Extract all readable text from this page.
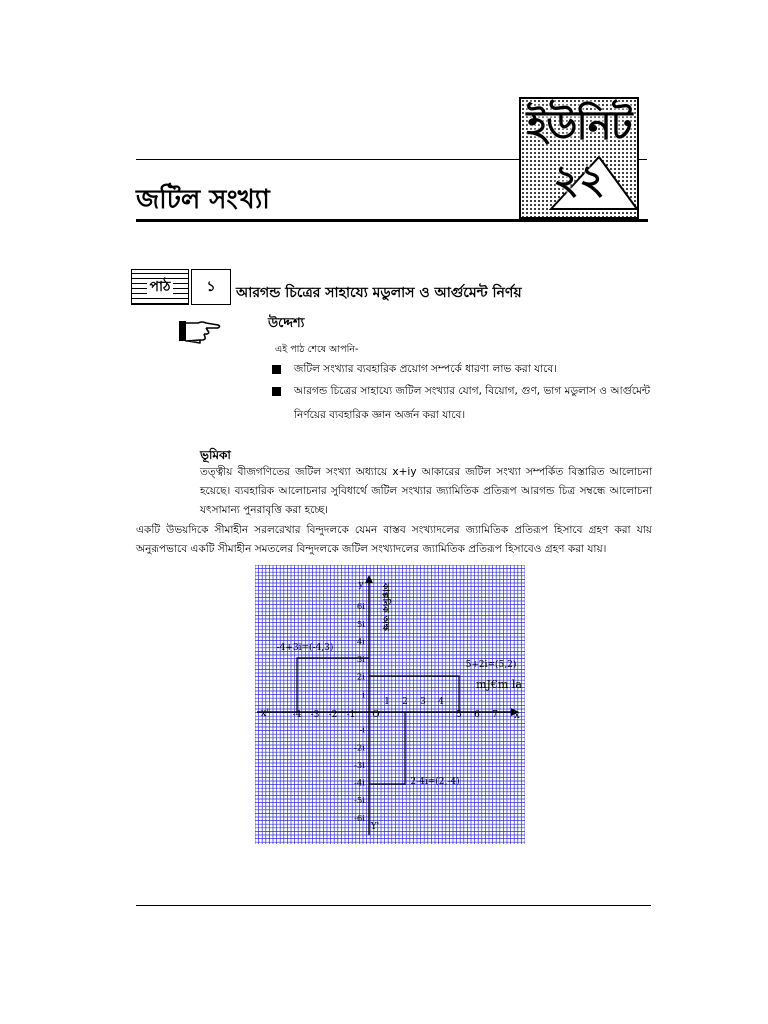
ইউনিট
২২
জটিল সংখ্যা
পাঠ	১	আরগন্ড চিত্রের সাহায্যে মডুলাস ও আর্গুমেন্ট নির্ণয়
উদ্দেশ্য
এই পাঠ শেষে আপনি-
জটিল সংখ্যার ব্যবহারিক প্রয়োগ সম্পর্কে ধারণা লাভ করা যাবে।
আরগন্ড চিত্রের সাহায্যে জটিল সংখ্যার যোগ, বিয়োগ, গুণ, ভাগ মডুলাস ও আর্গুমেন্ট নির্ণয়ের ব্যবহারিক জ্ঞান অর্জন করা যাবে।
ভূমিকা
তত্ত্বীয় বীজগণিতের জটিল সংখ্যা অধ্যায়ে x+iy আকারের জটিল সংখ্যা সম্পর্কিত বিস্তারিত আলোচনা হয়েছে। ব্যবহারিক আলোচনার সুবিধার্থে জটিল সংখ্যার জ্যামিতিক প্রতিরূপ আরগন্ড চিত্র সম্বন্ধে আলোচনা যৎসামান্য পুনরাবৃত্তি করা হচ্ছে।
একটি উভয়দিকে সীমাহীন সরলরেখার বিন্দুদলকে যেমন বাস্তব সংখ্যাদলের জ্যামিতিক প্রতিরূপ হিসাবে গ্রহণ করা যায় অনুরূপভাবে একটি সীমাহীন সমতলের বিন্দুদলকে জটিল সংখ্যাদলের জ্যামিতিক প্রতিরূপ হিসাবেও গ্রহণ করা যায়।
x'	x
y
Y'
O
-4 -3 -2 -1
1 2 3 4
5 6 7
6i
5i
4i
3i
2i
i
-i
-2i
-3i
-4i
-5i
-6i
-4+3i=(-4,3)
5+2i=(5,2)
2-4i=(2,-4)
mJ€m la
কাল্পনিক অক্ষ
